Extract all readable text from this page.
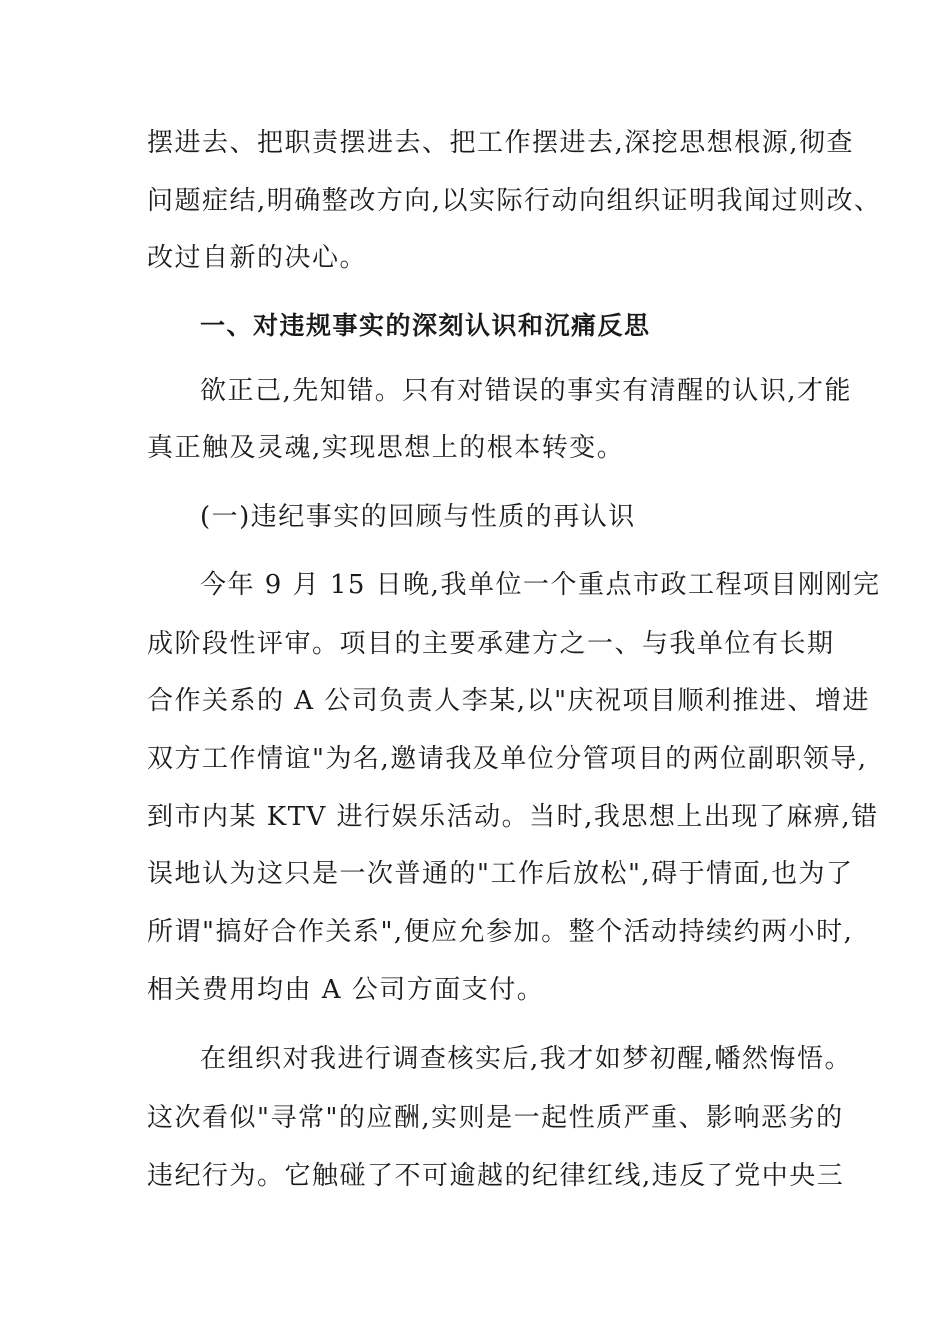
摆进去、把职责摆进去、把工作摆进去,深挖思想根源,彻查
问题症结,明确整改方向,以实际行动向组织证明我闻过则改、
改过自新的决心。
一、对违规事实的深刻认识和沉痛反思
欲正己,先知错。只有对错误的事实有清醒的认识,才能
真正触及灵魂,实现思想上的根本转变。
(一)违纪事实的回顾与性质的再认识
今年 9 月 15 日晚,我单位一个重点市政工程项目刚刚完
成阶段性评审。项目的主要承建方之一、与我单位有长期
合作关系的 A 公司负责人李某,以"庆祝项目顺利推进、增进
双方工作情谊"为名,邀请我及单位分管项目的两位副职领导,
到市内某 KTV 进行娱乐活动。当时,我思想上出现了麻痹,错
误地认为这只是一次普通的"工作后放松",碍于情面,也为了
所谓"搞好合作关系",便应允参加。整个活动持续约两小时,
相关费用均由 A 公司方面支付。
在组织对我进行调查核实后,我才如梦初醒,幡然悔悟。
这次看似"寻常"的应酬,实则是一起性质严重、影响恶劣的
违纪行为。它触碰了不可逾越的纪律红线,违反了党中央三
